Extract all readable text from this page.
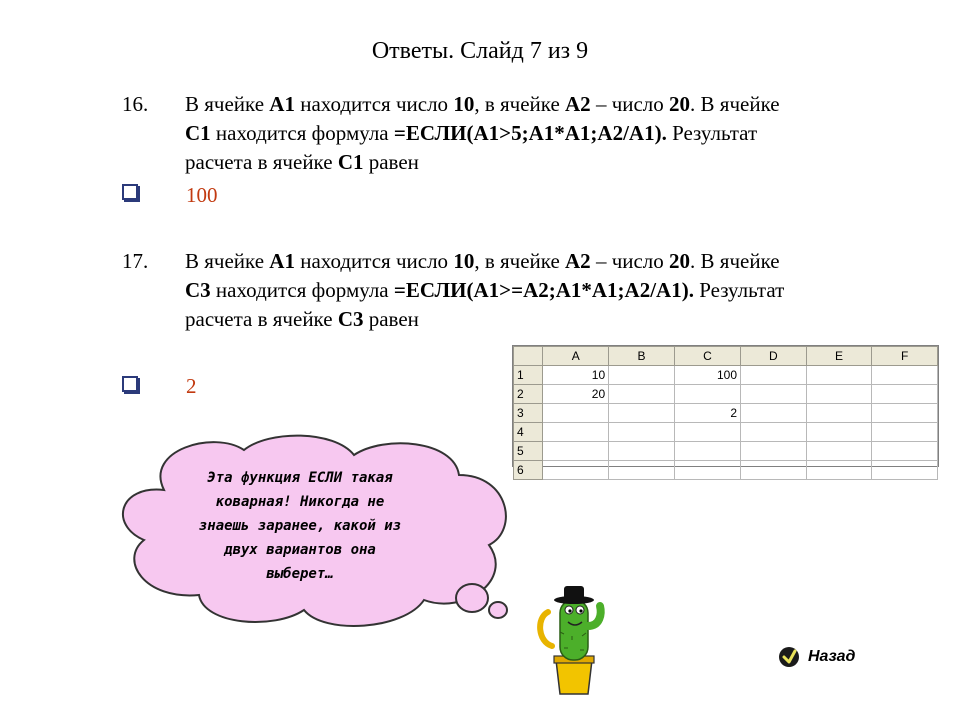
Ответы. Слайд 7 из 9
16. В ячейке A1 находится число 10, в ячейке A2 – число 20. В ячейке
С1 находится формула =ЕСЛИ(А1>5;А1*А1;А2/А1). Результат
расчета в ячейке С1 равен
100
17. В ячейке A1 находится число 10, в ячейке A2 – число 20. В ячейке
С3 находится формула =ЕСЛИ(А1>=A2;А1*А1;А2/А1). Результат
расчета в ячейке С3 равен
2
	A	B	C	D	E	F
1	10		100			
2	20					
3			2			
4						
5						
6						
Эта функция ЕСЛИ такая
коварная! Никогда не
знаешь заранее, какой из
двух вариантов она
выберет…
Назад
